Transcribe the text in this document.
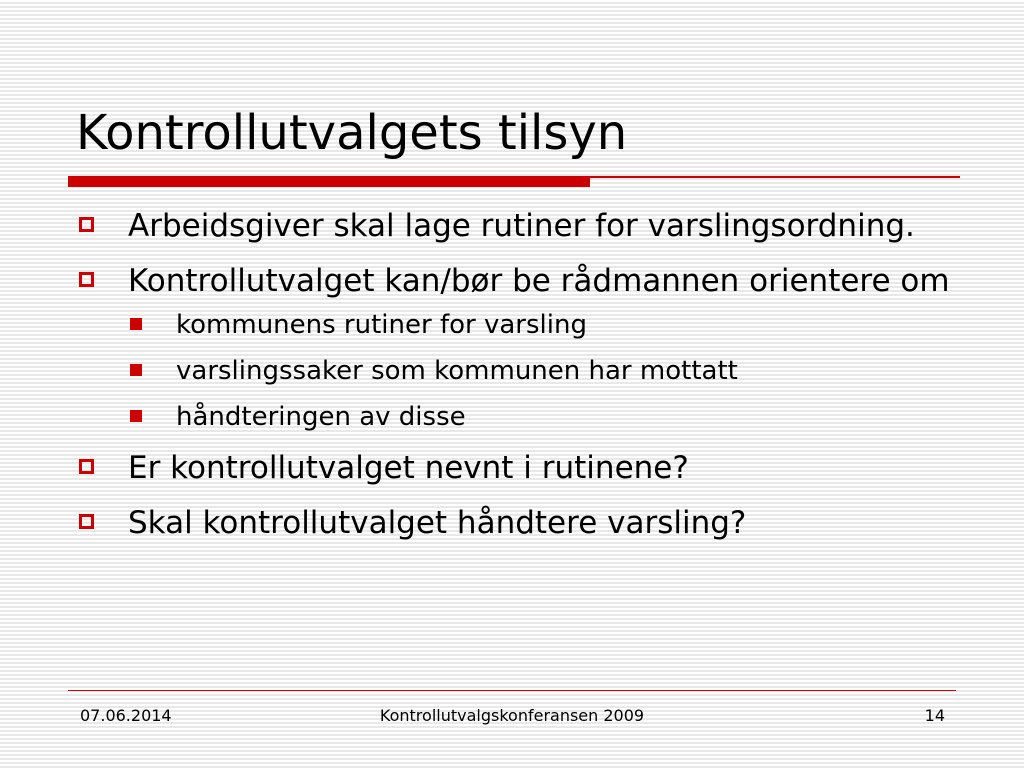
Kontrollutvalgets tilsyn
Arbeidsgiver skal lage rutiner for varslingsordning.
Kontrollutvalget kan/bør be rådmannen orientere om
kommunens rutiner for varsling
varslingssaker som kommunen har mottatt
håndteringen av disse
Er kontrollutvalget nevnt i rutinene?
Skal kontrollutvalget håndtere varsling?
07.06.2014	Kontrollutvalgskonferansen 2009	14
